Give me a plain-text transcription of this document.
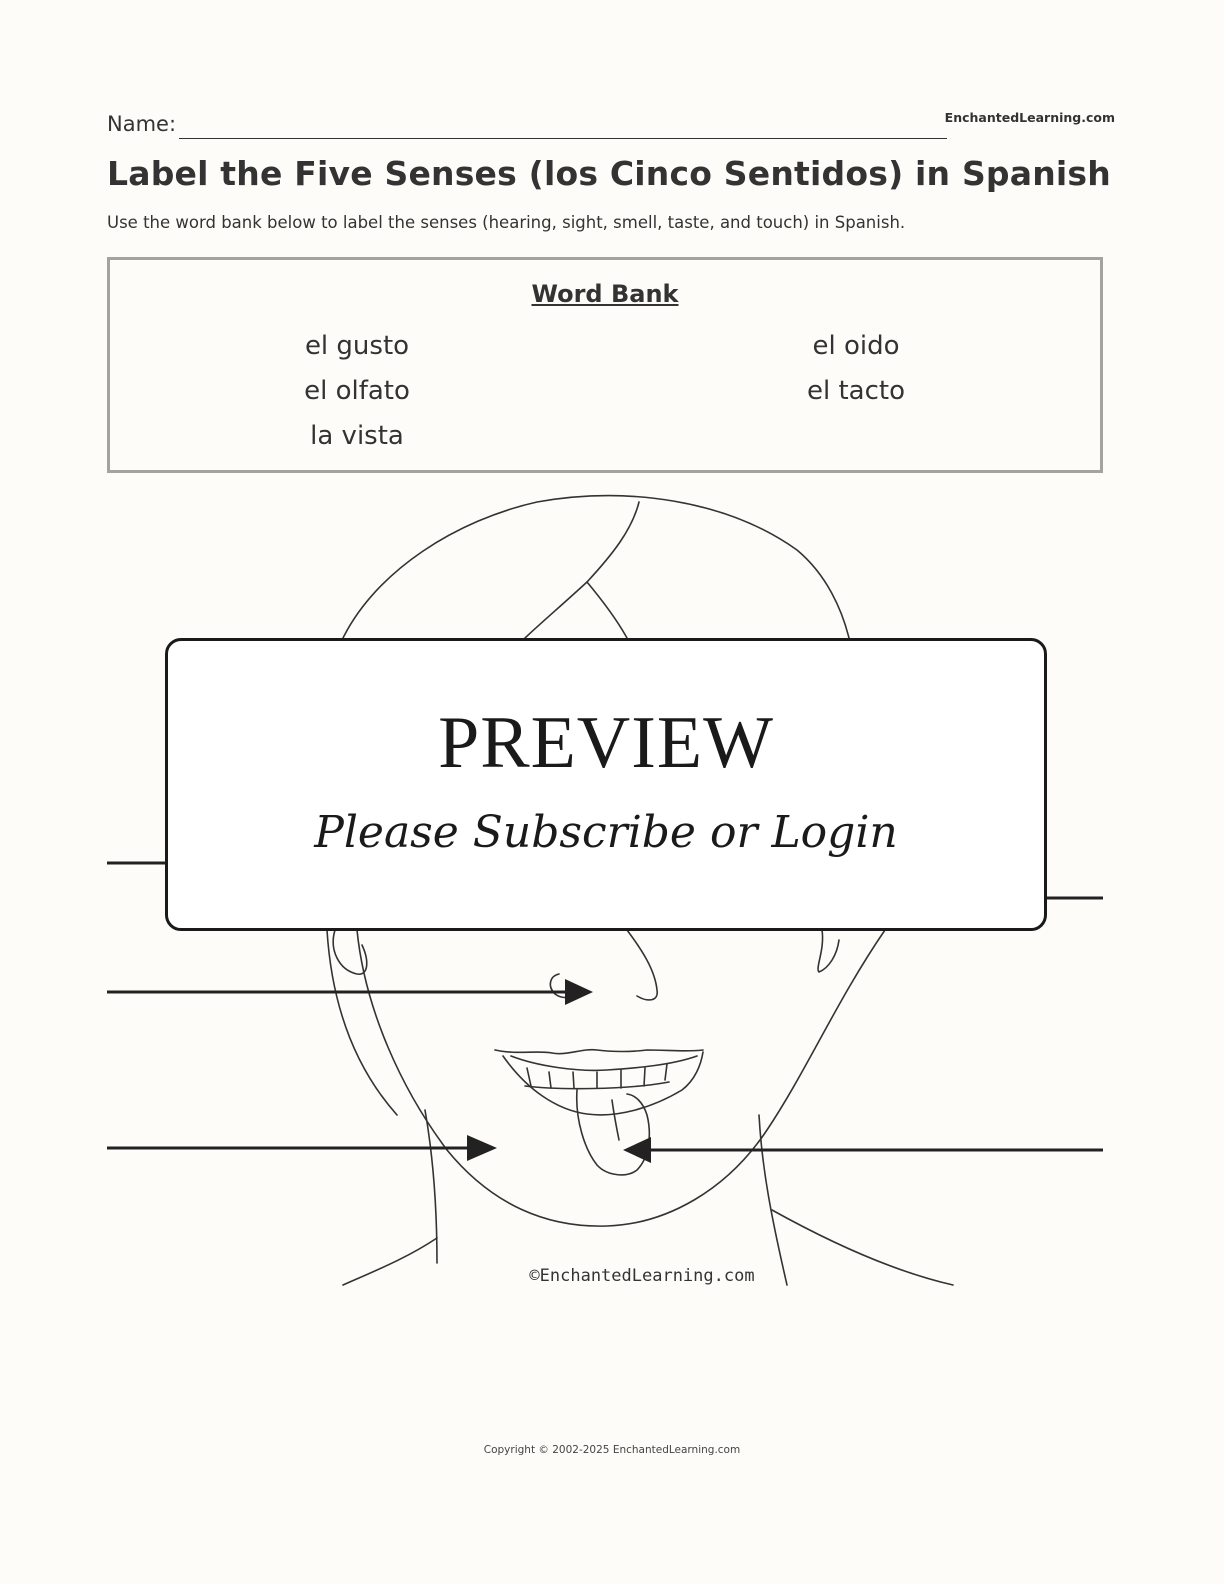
Name:	EnchantedLearning.com
Label the Five Senses (los Cinco Sentidos) in Spanish
Use the word bank below to label the senses (hearing, sight, smell, taste, and touch) in Spanish.
Word Bank
el gusto
el olfato
la vista
el oido
el tacto
©EnchantedLearning.com
PREVIEW
Please Subscribe or Login
Copyright © 2002-2025 EnchantedLearning.com
